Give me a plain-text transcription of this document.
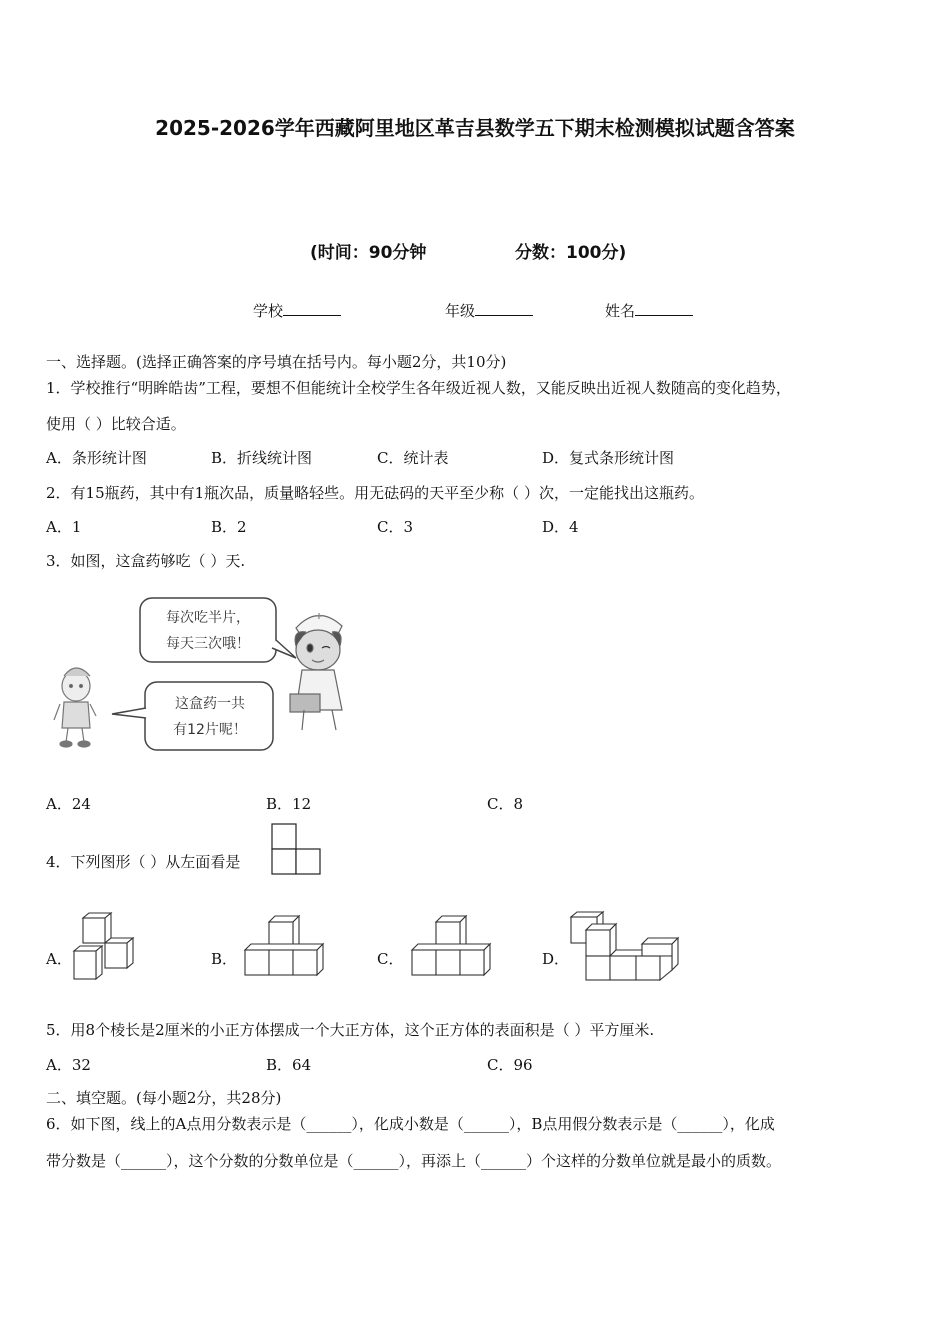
2025-2026学年西藏阿里地区革吉县数学五下期末检测模拟试题含答案
(时间：90分钟	分数：100分)
学校	年级	姓名
一、选择题。(选择正确答案的序号填在括号内。每小题2分，共10分)
1．学校推行“明眸皓齿”工程，要想不但能统计全校学生各年级近视人数，又能反映出近视人数随高的变化趋势，
使用（ ）比较合适。
A．条形统计图	B．折线统计图	C．统计表	D．复式条形统计图
2．有15瓶药，其中有1瓶次品，质量略轻些。用无砝码的天平至少称（ ）次，一定能找出这瓶药。
A．1	B．2	C．3	D．4
3．如图，这盒药够吃（ ）天.
每次吃半片，
每天三次哦！
这盒药一共
有12片呢！
A．24	B．12	C．8
4．下列图形（ ）从左面看是
A．	B．	C．	D．
5．用8个棱长是2厘米的小正方体摆成一个大正方体，这个正方体的表面积是（ ）平方厘米.
A．32	B．64	C．96
二、填空题。(每小题2分，共28分)
6．如下图，线上的A点用分数表示是（______），化成小数是（______），B点用假分数表示是（______），化成
带分数是（______），这个分数的分数单位是（______），再添上（______）个这样的分数单位就是最小的质数。
